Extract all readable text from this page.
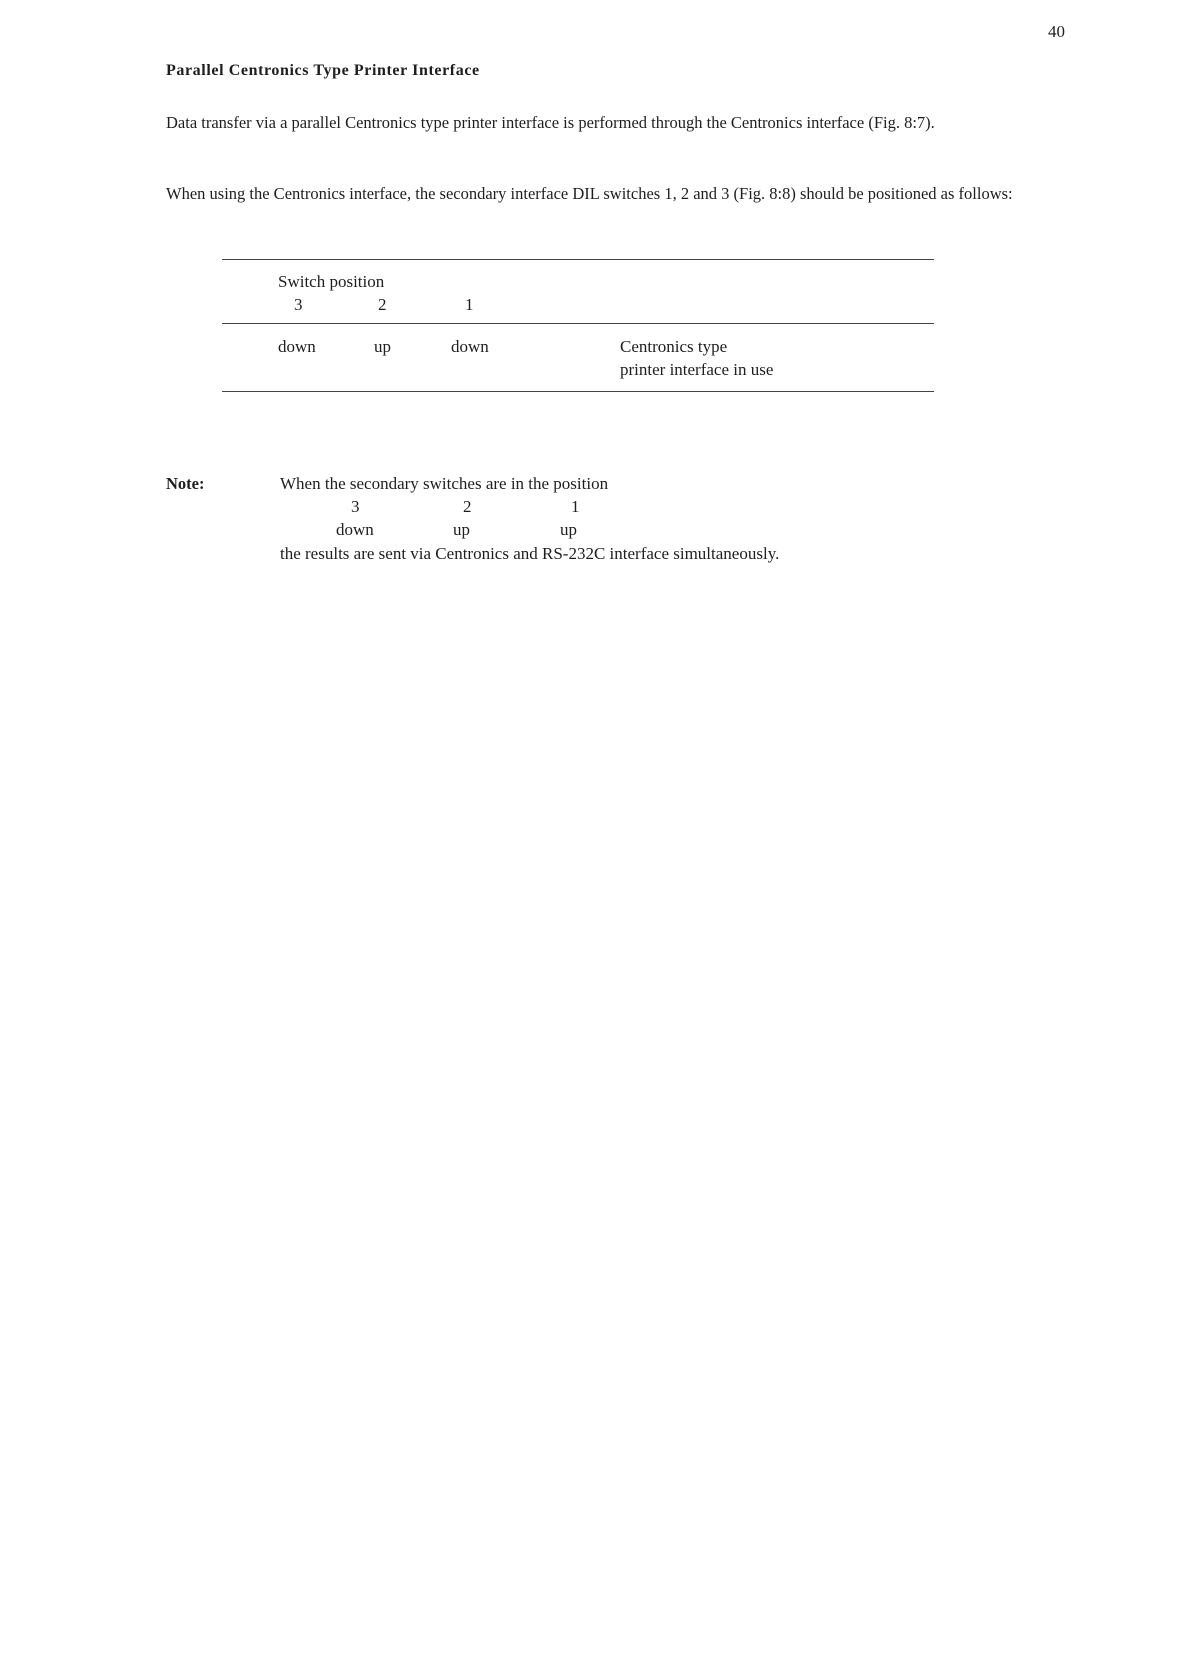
40
Parallel Centronics Type Printer Interface

Data transfer via a parallel Centronics type printer interface is performed through the Centronics interface (Fig. 8:7).

When using the Centronics interface, the secondary interface DIL switches 1, 2 and 3 (Fig. 8:8) should be positioned as follows:

Switch position
3	2	1
down	up	down	Centronics type
printer interface in use
Note:	When the secondary switches are in the position
3	2	1
down	up	up
the results are sent via Centronics and RS-232C interface simultaneously.
